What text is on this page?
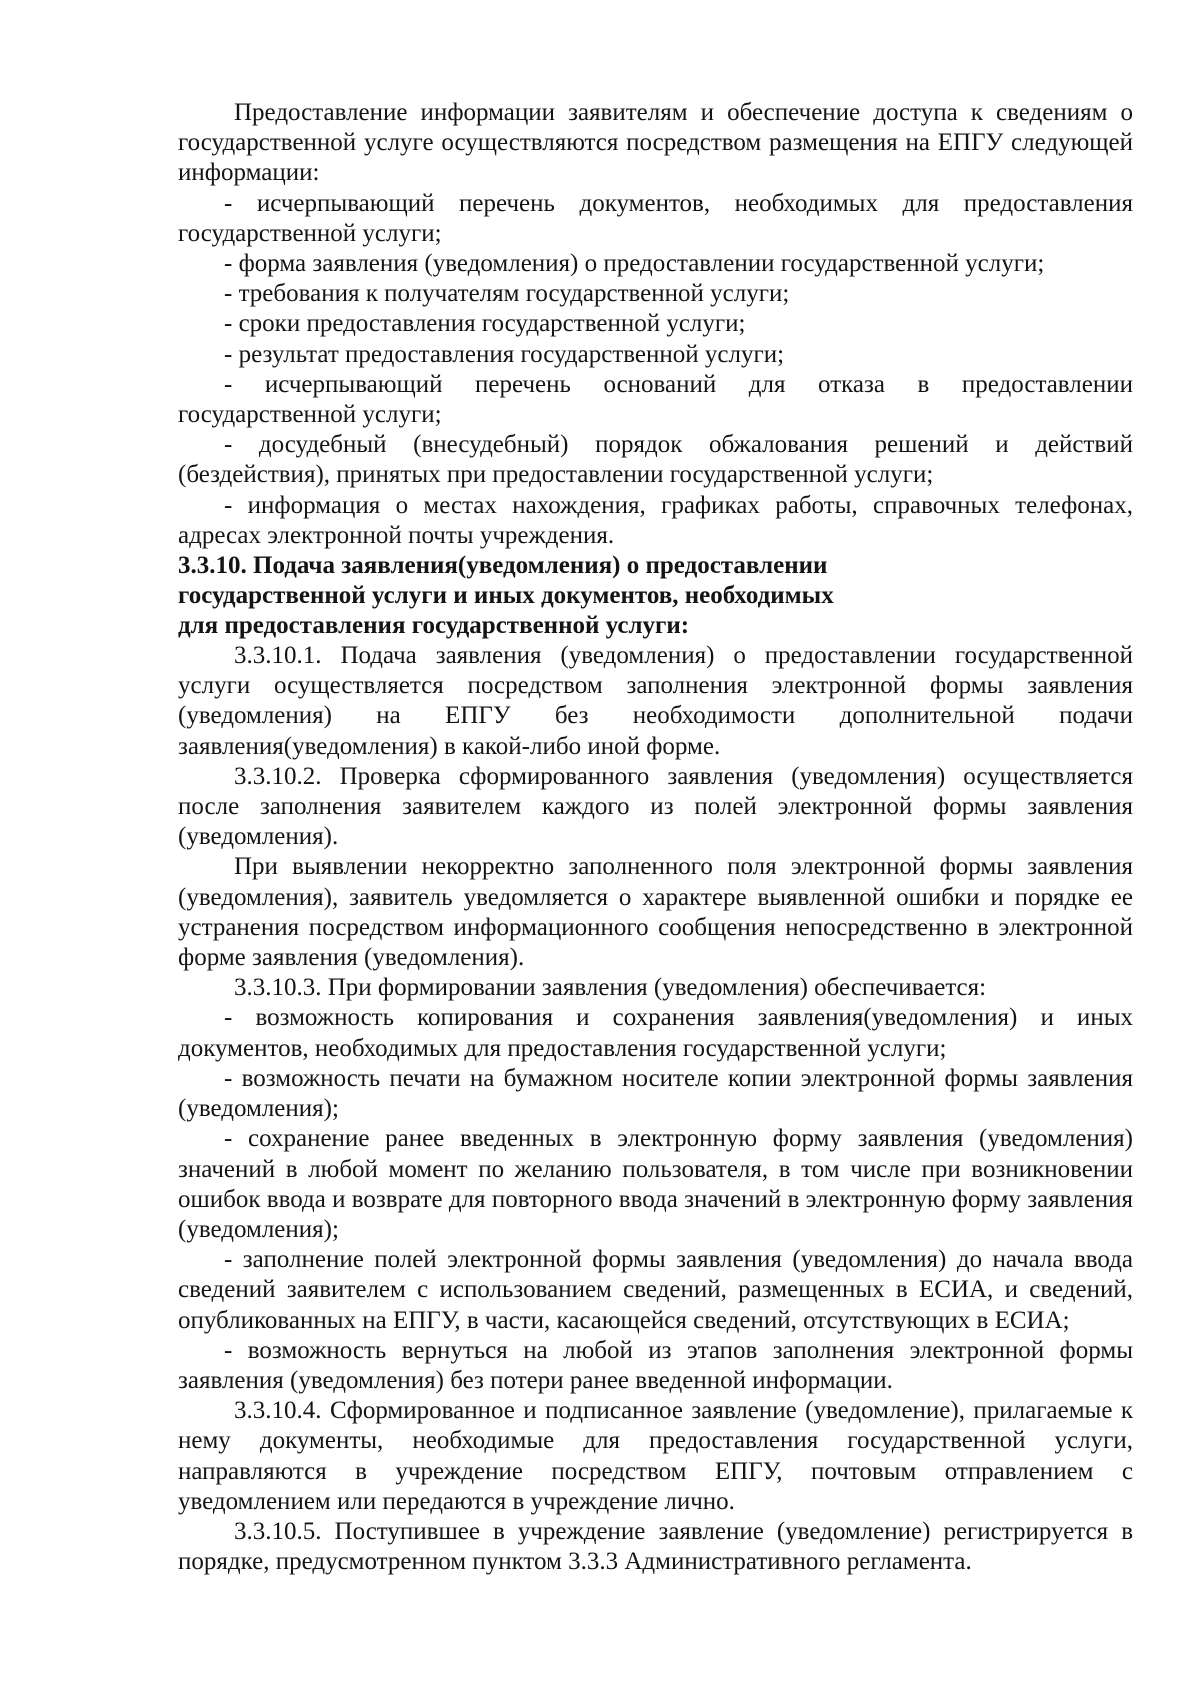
Предоставление информации заявителям и обеспечение доступа к сведениям о государственной услуге осуществляются посредством размещения на ЕПГУ следующей информации:

- исчерпывающий перечень документов, необходимых для предоставления государственной услуги;

- форма заявления (уведомления) о предоставлении государственной услуги;

- требования к получателям государственной услуги;

- сроки предоставления государственной услуги;

- результат предоставления государственной услуги;

- исчерпывающий перечень оснований для отказа в предоставлении государственной услуги;

- досудебный (внесудебный) порядок обжалования решений и действий (бездействия), принятых при предоставлении государственной услуги;

- информация о местах нахождения, графиках работы, справочных телефонах, адресах электронной почты учреждения.

3.3.10. Подача заявления(уведомления) о предоставлении

государственной услуги и иных документов, необходимых

для предоставления государственной услуги:

3.3.10.1. Подача заявления (уведомления) о предоставлении государственной услуги осуществляется посредством заполнения электронной формы заявления (уведомления) на ЕПГУ без необходимости дополнительной подачи заявления(уведомления) в какой-либо иной форме.

3.3.10.2. Проверка сформированного заявления (уведомления) осуществляется после заполнения заявителем каждого из полей электронной формы заявления (уведомления).

При выявлении некорректно заполненного поля электронной формы заявления (уведомления), заявитель уведомляется о характере выявленной ошибки и порядке ее устранения посредством информационного сообщения непосредственно в электронной форме заявления (уведомления).

3.3.10.3. При формировании заявления (уведомления) обеспечивается:

- возможность копирования и сохранения заявления(уведомления) и иных документов, необходимых для предоставления государственной услуги;

- возможность печати на бумажном носителе копии электронной формы заявления (уведомления);

- сохранение ранее введенных в электронную форму заявления (уведомления) значений в любой момент по желанию пользователя, в том числе при возникновении ошибок ввода и возврате для повторного ввода значений в электронную форму заявления (уведомления);

- заполнение полей электронной формы заявления (уведомления) до начала ввода сведений заявителем с использованием сведений, размещенных в ЕСИА, и сведений, опубликованных на ЕПГУ, в части, касающейся сведений, отсутствующих в ЕСИА;

- возможность вернуться на любой из этапов заполнения электронной формы заявления (уведомления) без потери ранее введенной информации.

3.3.10.4. Сформированное и подписанное заявление (уведомление), прилагаемые к нему документы, необходимые для предоставления государственной услуги, направляются в учреждение посредством ЕПГУ, почтовым отправлением с уведомлением или передаются в учреждение лично.

3.3.10.5. Поступившее в учреждение заявление (уведомление) регистрируется в порядке, предусмотренном пунктом 3.3.3 Административного регламента.
